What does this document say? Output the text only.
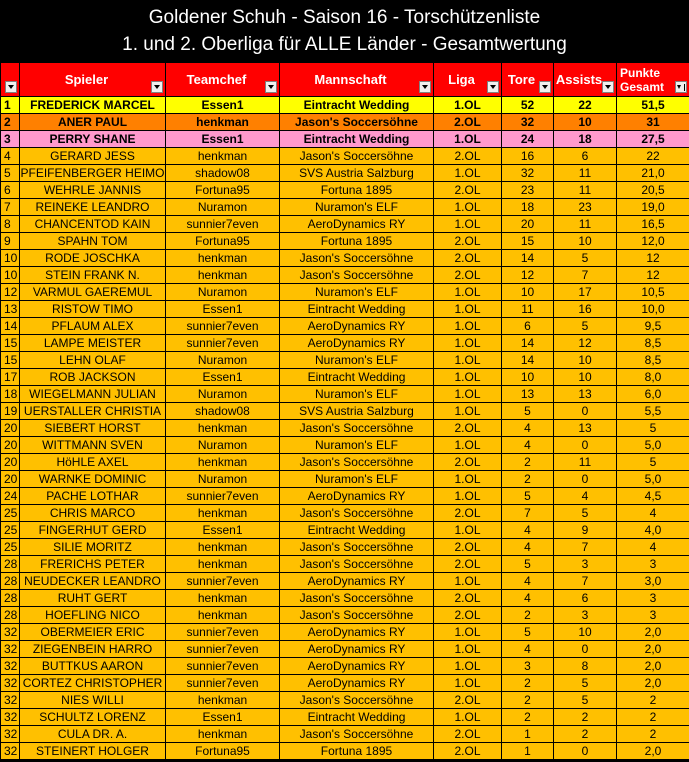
Goldener Schuh - Saison 16 - Torschützenliste
1. und 2. Oberliga für ALLE Länder - Gesamtwertung

	Spieler	Teamchef	Mannschaft	Liga	Tore	Assists	Punkte
Gesamt

1	FREDERICK MARCEL	Essen1	Eintracht Wedding	1.OL	52	22	51,5
2	ANER PAUL	henkman	Jason's Soccersöhne	2.OL	32	10	31
3	PERRY SHANE	Essen1	Eintracht Wedding	1.OL	24	18	27,5
4	GERARD JESS	henkman	Jason's Soccersöhne	2.OL	16	6	22
5	PFEIFENBERGER HEIMO	shadow08	SVS Austria Salzburg	1.OL	32	11	21,0
6	WEHRLE JANNIS	Fortuna95	Fortuna 1895	2.OL	23	11	20,5
7	REINEKE LEANDRO	Nuramon	Nuramon's ELF	1.OL	18	23	19,0
8	CHANCENTOD KAIN	sunnier7even	AeroDynamics RY	1.OL	20	11	16,5
9	SPAHN TOM	Fortuna95	Fortuna 1895	2.OL	15	10	12,0
10	RODE JOSCHKA	henkman	Jason's Soccersöhne	2.OL	14	5	12
10	STEIN FRANK N.	henkman	Jason's Soccersöhne	2.OL	12	7	12
12	VARMUL GAEREMUL	Nuramon	Nuramon's ELF	1.OL	10	17	10,5
13	RISTOW TIMO	Essen1	Eintracht Wedding	1.OL	11	16	10,0
14	PFLAUM ALEX	sunnier7even	AeroDynamics RY	1.OL	6	5	9,5
15	LAMPE MEISTER	sunnier7even	AeroDynamics RY	1.OL	14	12	8,5
15	LEHN OLAF	Nuramon	Nuramon's ELF	1.OL	14	10	8,5
17	ROB JACKSON	Essen1	Eintracht Wedding	1.OL	10	10	8,0
18	WIEGELMANN JULIAN	Nuramon	Nuramon's ELF	1.OL	13	13	6,0
19	UERSTALLER CHRISTIA	shadow08	SVS Austria Salzburg	1.OL	5	0	5,5
20	SIEBERT HORST	henkman	Jason's Soccersöhne	2.OL	4	13	5
20	WITTMANN SVEN	Nuramon	Nuramon's ELF	1.OL	4	0	5,0
20	HöHLE AXEL	henkman	Jason's Soccersöhne	2.OL	2	11	5
20	WARNKE DOMINIC	Nuramon	Nuramon's ELF	1.OL	2	0	5,0
24	PACHE LOTHAR	sunnier7even	AeroDynamics RY	1.OL	5	4	4,5
25	CHRIS MARCO	henkman	Jason's Soccersöhne	2.OL	7	5	4
25	FINGERHUT GERD	Essen1	Eintracht Wedding	1.OL	4	9	4,0
25	SILIE MORITZ	henkman	Jason's Soccersöhne	2.OL	4	7	4
28	FRERICHS PETER	henkman	Jason's Soccersöhne	2.OL	5	3	3
28	NEUDECKER LEANDRO	sunnier7even	AeroDynamics RY	1.OL	4	7	3,0
28	RUHT GERT	henkman	Jason's Soccersöhne	2.OL	4	6	3
28	HOEFLING NICO	henkman	Jason's Soccersöhne	2.OL	2	3	3
32	OBERMEIER ERIC	sunnier7even	AeroDynamics RY	1.OL	5	10	2,0
32	ZIEGENBEIN HARRO	sunnier7even	AeroDynamics RY	1.OL	4	0	2,0
32	BUTTKUS AARON	sunnier7even	AeroDynamics RY	1.OL	3	8	2,0
32	CORTEZ CHRISTOPHER	sunnier7even	AeroDynamics RY	1.OL	2	5	2,0
32	NIES WILLI	henkman	Jason's Soccersöhne	2.OL	2	5	2
32	SCHULTZ LORENZ	Essen1	Eintracht Wedding	1.OL	2	2	2
32	CULA DR. A.	henkman	Jason's Soccersöhne	2.OL	1	2	2
32	STEINERT HOLGER	Fortuna95	Fortuna 1895	2.OL	1	0	2,0
